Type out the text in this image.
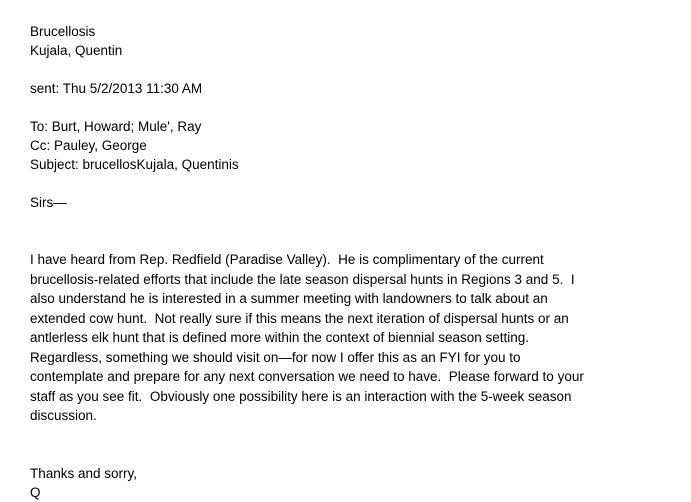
Brucellosis
Kujala, Quentin
sent: Thu 5/2/2013 11:30 AM
To: Burt, Howard; Mule', Ray
Cc: Pauley, George
Subject: brucellosKujala, Quentinis
Sirs—
I have heard from Rep. Redfield (Paradise Valley).  He is complimentary of the current
brucellosis-related efforts that include the late season dispersal hunts in Regions 3 and 5.  I
also understand he is interested in a summer meeting with landowners to talk about an
extended cow hunt.  Not really sure if this means the next iteration of dispersal hunts or an
antlerless elk hunt that is defined more within the context of biennial season setting.
Regardless, something we should visit on—for now I offer this as an FYI for you to
contemplate and prepare for any next conversation we need to have.  Please forward to your
staff as you see fit.  Obviously one possibility here is an interaction with the 5-week season
discussion.
Thanks and sorry,
Q
